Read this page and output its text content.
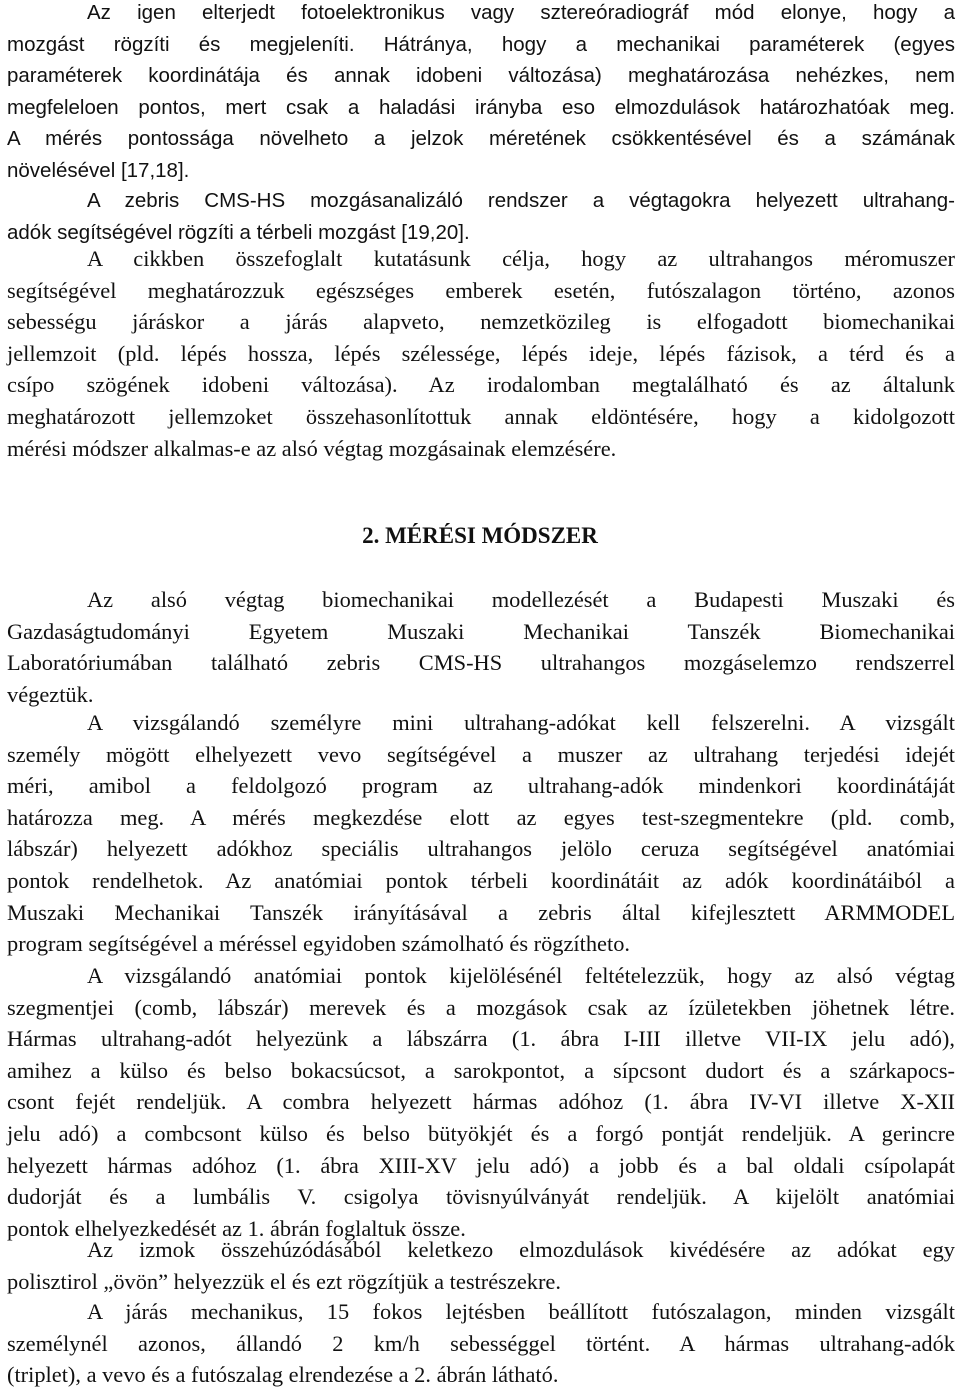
Az igen elterjedt fotoelektronikus vagy sztereóradiográf mód elonye, hogy a
mozgást rögzíti és megjeleníti. Hátránya, hogy a mechanikai paraméterek (egyes
paraméterek koordinátája és annak idobeni változása) meghatározása nehézkes, nem
megfeleloen pontos, mert csak a haladási irányba eso elmozdulások határozhatóak meg.
A mérés pontossága növelheto a jelzok méretének csökkentésével és a számának
növelésével [17,18].
A zebris CMS-HS mozgásanalizáló rendszer a végtagokra helyezett ultrahang-
adók segítségével rögzíti a térbeli mozgást [19,20].
A cikkben összefoglalt kutatásunk célja, hogy az ultrahangos méromuszer
segítségével meghatározzuk egészséges emberek esetén, futószalagon történo, azonos
sebességu járáskor a járás alapveto, nemzetközileg is elfogadott biomechanikai
jellemzoit (pld. lépés hossza, lépés szélessége, lépés ideje, lépés fázisok, a térd és a
csípo szögének idobeni változása). Az irodalomban megtalálható és az általunk
meghatározott jellemzoket összehasonlítottuk annak eldöntésére, hogy a kidolgozott
mérési módszer alkalmas-e az alsó végtag mozgásainak elemzésére.
2. MÉRÉSI MÓDSZER
Az alsó végtag biomechanikai modellezését a Budapesti Muszaki és
Gazdaságtudományi Egyetem Muszaki Mechanikai Tanszék Biomechanikai
Laboratóriumában található zebris CMS-HS ultrahangos mozgáselemzo rendszerrel
végeztük.
A vizsgálandó személyre mini ultrahang-adókat kell felszerelni. A vizsgált
személy mögött elhelyezett vevo segítségével a muszer az ultrahang terjedési idejét
méri, amibol a feldolgozó program az ultrahang-adók mindenkori koordinátáját
határozza meg. A mérés megkezdése elott az egyes test-szegmentekre (pld. comb,
lábszár) helyezett adókhoz speciális ultrahangos jelölo ceruza segítségével anatómiai
pontok rendelhetok. Az anatómiai pontok térbeli koordinátáit az adók koordinátáiból a
Muszaki Mechanikai Tanszék irányításával a zebris által kifejlesztett ARMMODEL
program segítségével a méréssel egyidoben számolható és rögzítheto.
A vizsgálandó anatómiai pontok kijelölésénél feltételezzük, hogy az alsó végtag
szegmentjei (comb, lábszár) merevek és a mozgások csak az ízületekben jöhetnek létre.
Hármas ultrahang-adót helyezünk a lábszárra (1. ábra I-III illetve VII-IX jelu adó),
amihez a külso és belso bokacsúcsot, a sarokpontot, a sípcsont dudort és a szárkapocs-
csont fejét rendeljük. A combra helyezett hármas adóhoz (1. ábra IV-VI illetve X-XII
jelu adó) a combcsont külso és belso bütyökjét és a forgó pontját rendeljük. A gerincre
helyezett hármas adóhoz (1. ábra XIII-XV jelu adó) a jobb és a bal oldali csípolapát
dudorját és a lumbális V. csigolya tövisnyúlványát rendeljük. A kijelölt anatómiai
pontok elhelyezkedését az 1. ábrán foglaltuk össze.
Az izmok összehúzódásából keletkezo elmozdulások kivédésére az adókat egy
polisztirol „övön” helyezzük el és ezt rögzítjük a testrészekre.
A járás mechanikus, 15 fokos lejtésben beállított futószalagon, minden vizsgált
személynél azonos, állandó 2 km/h sebességgel történt. A hármas ultrahang-adók
(triplet), a vevo és a futószalag elrendezése a 2. ábrán látható.
